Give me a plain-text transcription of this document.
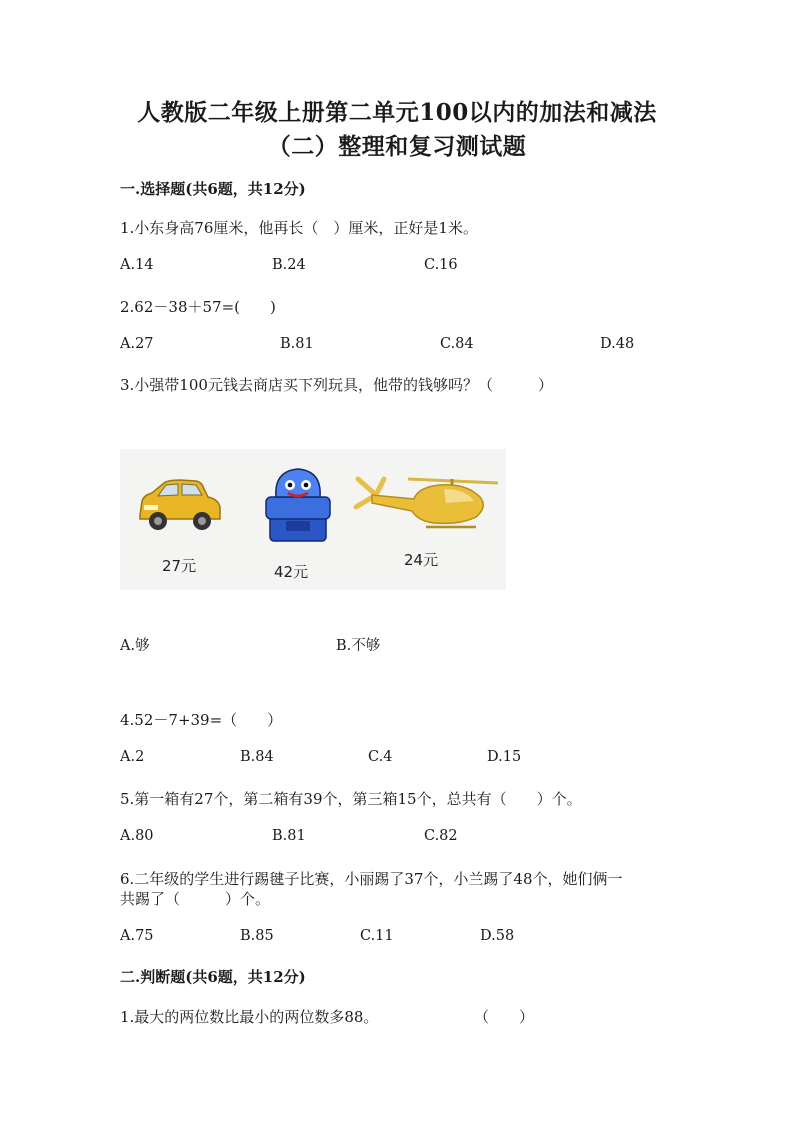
人教版二年级上册第二单元100以内的加法和减法
（二）整理和复习测试题
一.选择题(共6题，共12分)
1.小东身高76厘米，他再长（　）厘米，正好是1米。
A.14	B.24	C.16
2.62－38＋57=(　　)
A.27	B.81	C.84	D.48
3.小强带100元钱去商店买下列玩具，他带的钱够吗？（　　　）
27元	42元
24元
A.够	B.不够
4.52－7+39=（　　）
A.2	B.84	C.4	D.15
5.第一箱有27个，第二箱有39个，第三箱15个，总共有（　　）个。
A.80	B.81	C.82
6.二年级的学生进行踢毽子比赛，小丽踢了37个，小兰踢了48个，她们俩一
共踢了（　　　）个。
A.75	B.85	C.11	D.58
二.判断题(共6题，共12分)
1.最大的两位数比最小的两位数多88。	（　　）
